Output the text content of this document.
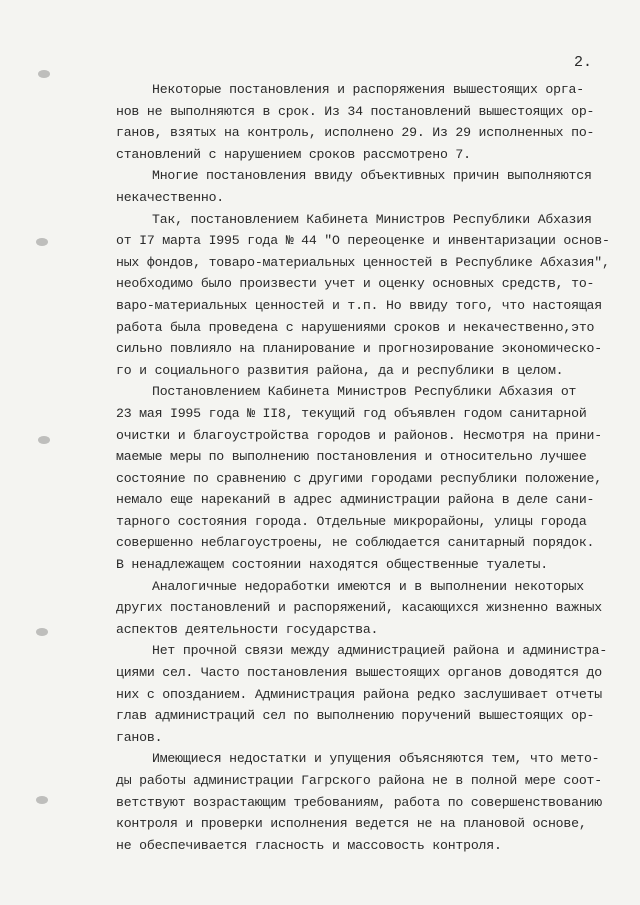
2.
Некоторые постановления и распоряжения вышестоящих орга-
нов не выполняются в срок. Из 34 постановлений вышестоящих ор-
ганов, взятых на контроль, исполнено 29. Из 29 исполненных по-
становлений с нарушением сроков рассмотрено 7.
Многие постановления ввиду объективных причин выполняются
некачественно.
Так, постановлением Кабинета Министров Республики Абхазия
от I7 марта I995 года № 44 "О переоценке и инвентаризации основ-
ных фондов, товаро-материальных ценностей в Республике Абхазия",
необходимо было произвести учет и оценку основных средств, то-
варо-материальных ценностей и т.п. Но ввиду того, что настоящая
работа была проведена с нарушениями сроков и некачественно,это
сильно повлияло на планирование и прогнозирование экономическо-
го и социального развития района, да и республики в целом.
Постановлением Кабинета Министров Республики Абхазия от
23 мая I995 года № II8, текущий год объявлен годом санитарной
очистки и благоустройства городов и районов. Несмотря на прини-
маемые меры по выполнению постановления и относительно лучшее
состояние по сравнению с другими городами республики положение,
немало еще нареканий в адрес администрации района в деле сани-
тарного состояния города. Отдельные микрорайоны, улицы города
совершенно неблагоустроены, не соблюдается санитарный порядок.
В ненадлежащем состоянии находятся общественные туалеты.
Аналогичные недоработки имеются и в выполнении некоторых
других постановлений и распоряжений, касающихся жизненно важных
аспектов деятельности государства.
Нет прочной связи между администрацией района и администра-
циями сел. Часто постановления вышестоящих органов доводятся до
них с опозданием. Администрация района редко заслушивает отчеты
глав администраций сел по выполнению поручений вышестоящих ор-
ганов.
Имеющиеся недостатки и упущения объясняются тем, что мето-
ды работы администрации Гагрского района не в полной мере соот-
ветствуют возрастающим требованиям, работа по совершенствованию
контроля и проверки исполнения ведется не на плановой основе,
не обеспечивается гласность и массовость контроля.
